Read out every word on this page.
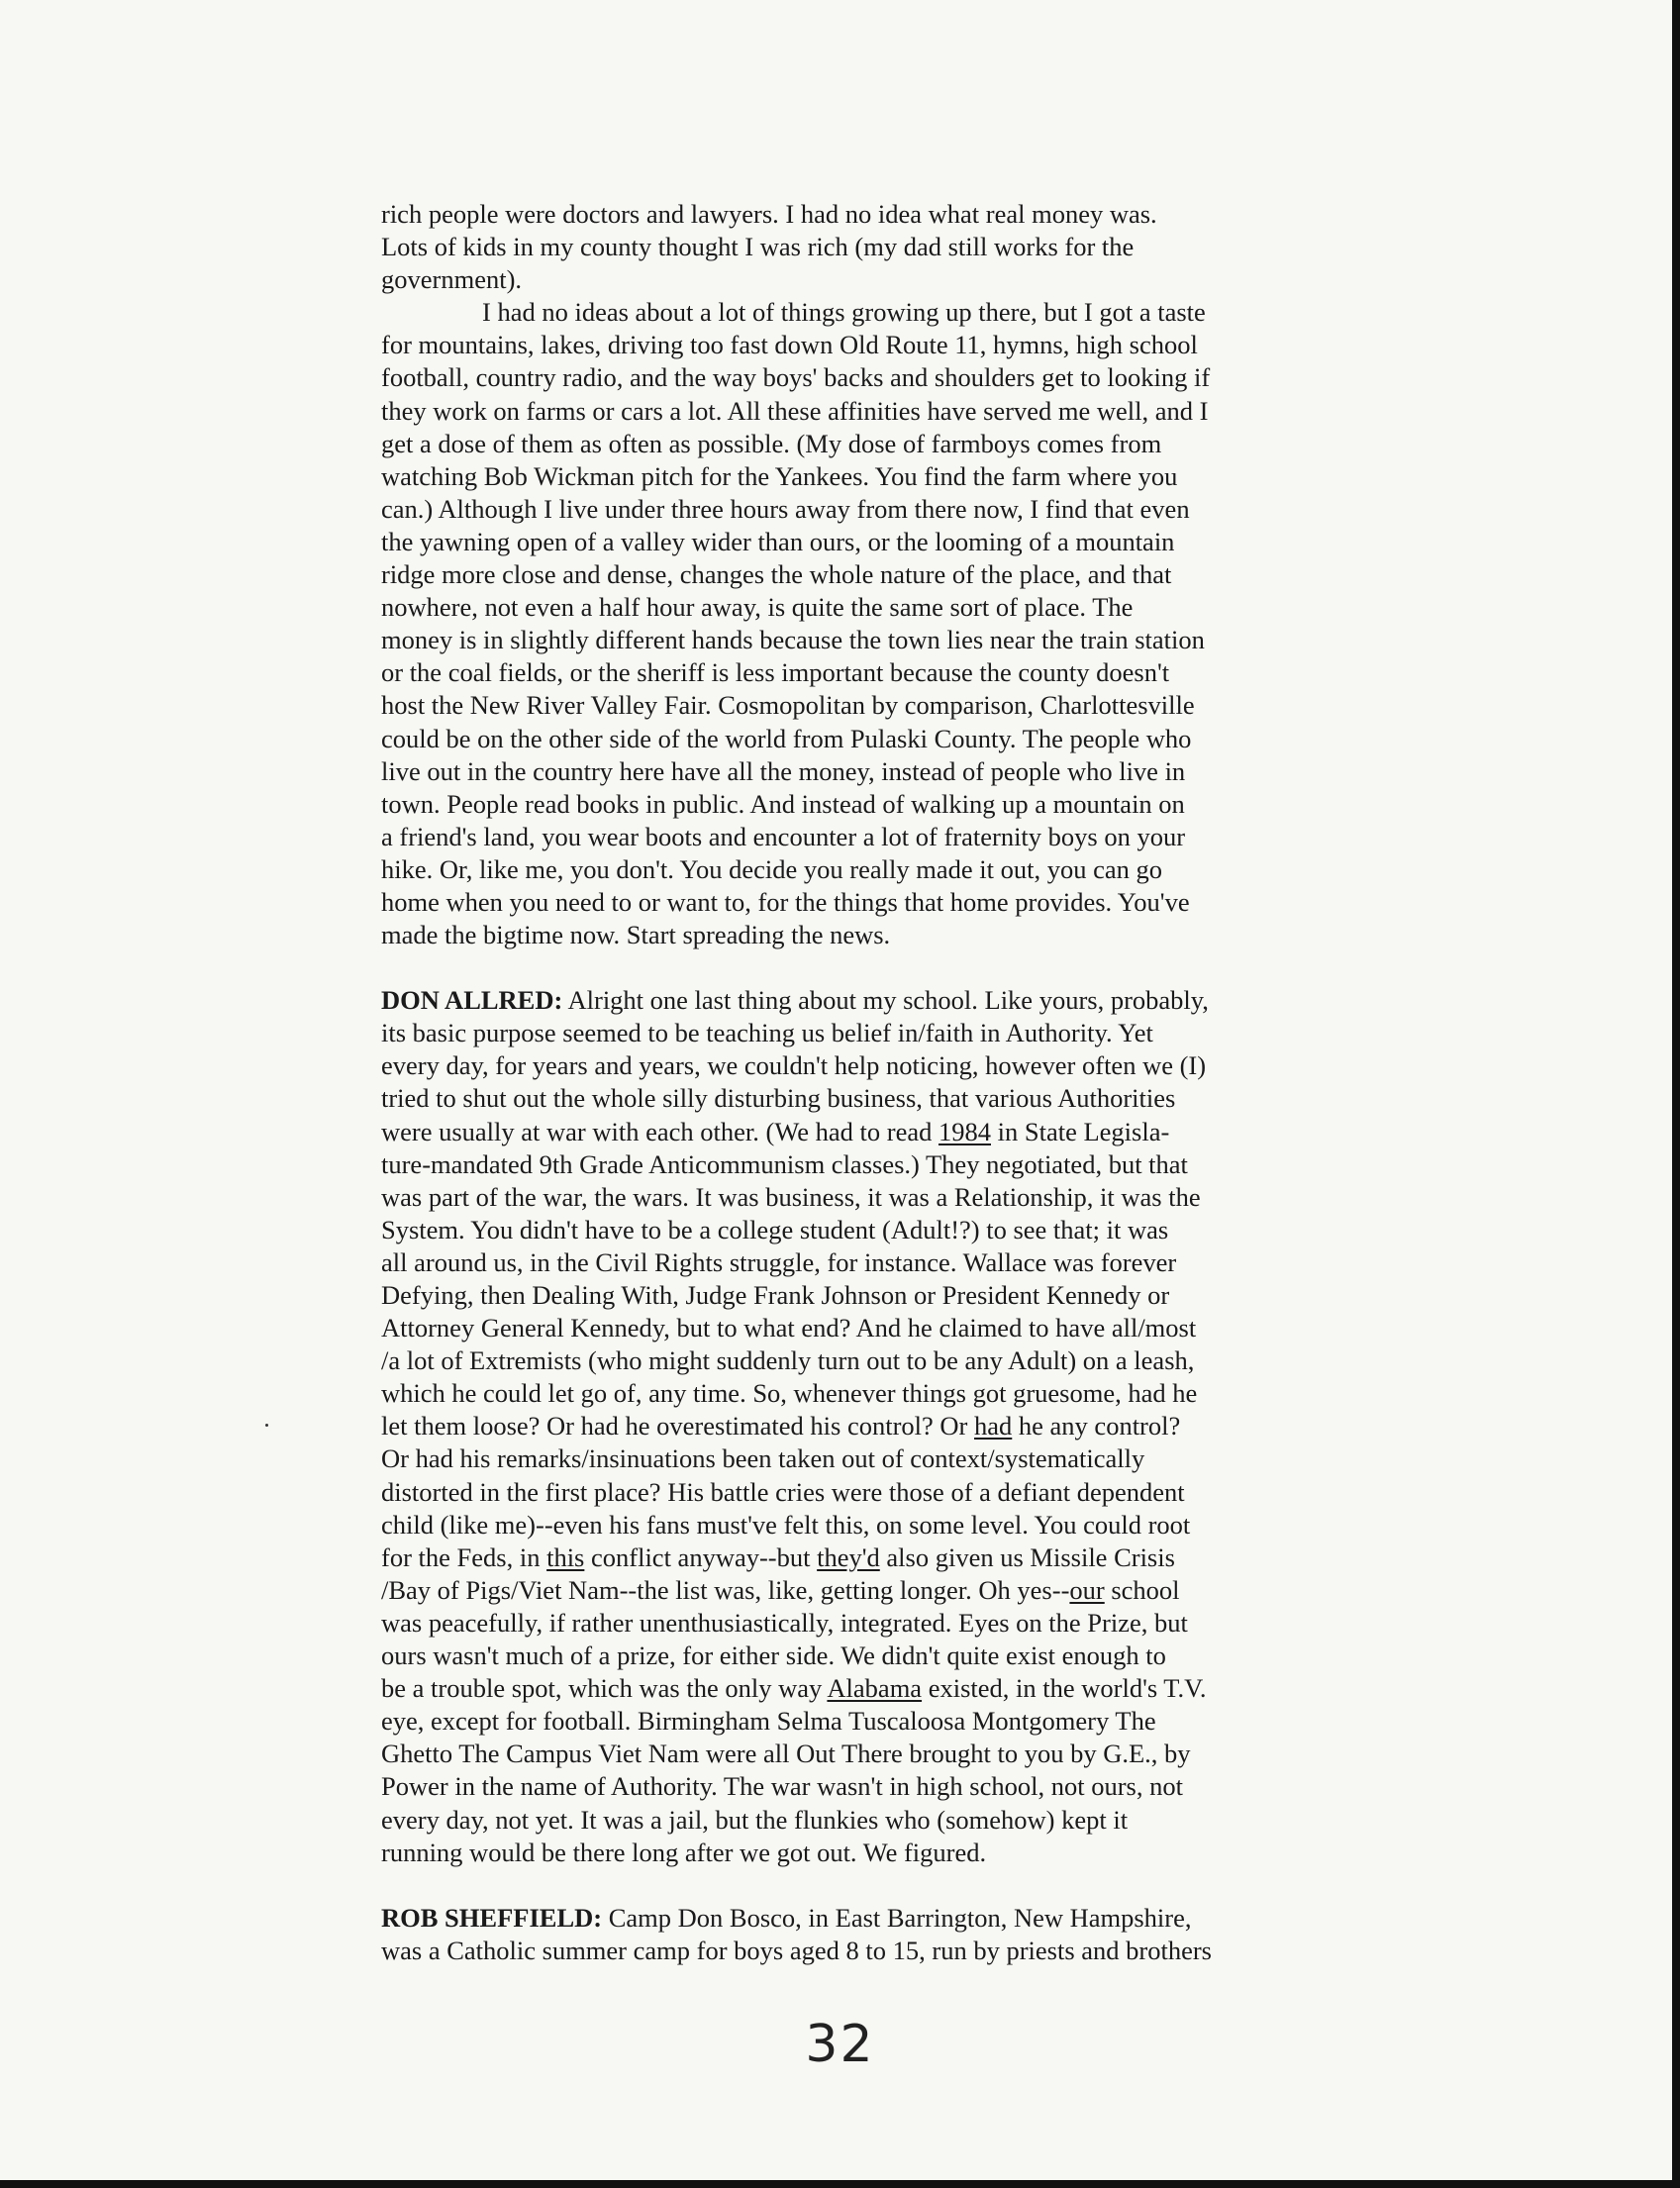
rich people were doctors and lawyers. I had no idea what real money was.
Lots of kids in my county thought I was rich (my dad still works for the
government).
I had no ideas about a lot of things growing up there, but I got a taste
for mountains, lakes, driving too fast down Old Route 11, hymns, high school
football, country radio, and the way boys' backs and shoulders get to looking if
they work on farms or cars a lot. All these affinities have served me well, and I
get a dose of them as often as possible. (My dose of farmboys comes from
watching Bob Wickman pitch for the Yankees. You find the farm where you
can.) Although I live under three hours away from there now, I find that even
the yawning open of a valley wider than ours, or the looming of a mountain
ridge more close and dense, changes the whole nature of the place, and that
nowhere, not even a half hour away, is quite the same sort of place. The
money is in slightly different hands because the town lies near the train station
or the coal fields, or the sheriff is less important because the county doesn't
host the New River Valley Fair. Cosmopolitan by comparison, Charlottesville
could be on the other side of the world from Pulaski County. The people who
live out in the country here have all the money, instead of people who live in
town. People read books in public. And instead of walking up a mountain on
a friend's land, you wear boots and encounter a lot of fraternity boys on your
hike. Or, like me, you don't. You decide you really made it out, you can go
home when you need to or want to, for the things that home provides. You've
made the bigtime now. Start spreading the news.
DON ALLRED: Alright one last thing about my school. Like yours, probably,
its basic purpose seemed to be teaching us belief in/faith in Authority. Yet
every day, for years and years, we couldn't help noticing, however often we (I)
tried to shut out the whole silly disturbing business, that various Authorities
were usually at war with each other. (We had to read 1984 in State Legisla-
ture-mandated 9th Grade Anticommunism classes.) They negotiated, but that
was part of the war, the wars. It was business, it was a Relationship, it was the
System. You didn't have to be a college student (Adult!?) to see that; it was
all around us, in the Civil Rights struggle, for instance. Wallace was forever
Defying, then Dealing With, Judge Frank Johnson or President Kennedy or
Attorney General Kennedy, but to what end? And he claimed to have all/most
/a lot of Extremists (who might suddenly turn out to be any Adult) on a leash,
which he could let go of, any time. So, whenever things got gruesome, had he
let them loose? Or had he overestimated his control? Or had he any control?
Or had his remarks/insinuations been taken out of context/systematically
distorted in the first place? His battle cries were those of a defiant dependent
child (like me)--even his fans must've felt this, on some level. You could root
for the Feds, in this conflict anyway--but they'd also given us Missile Crisis
/Bay of Pigs/Viet Nam--the list was, like, getting longer. Oh yes--our school
was peacefully, if rather unenthusiastically, integrated. Eyes on the Prize, but
ours wasn't much of a prize, for either side. We didn't quite exist enough to
be a trouble spot, which was the only way Alabama existed, in the world's T.V.
eye, except for football. Birmingham Selma Tuscaloosa Montgomery The
Ghetto The Campus Viet Nam were all Out There brought to you by G.E., by
Power in the name of Authority. The war wasn't in high school, not ours, not
every day, not yet. It was a jail, but the flunkies who (somehow) kept it
running would be there long after we got out. We figured.
ROB SHEFFIELD: Camp Don Bosco, in East Barrington, New Hampshire,
was a Catholic summer camp for boys aged 8 to 15, run by priests and brothers
32
